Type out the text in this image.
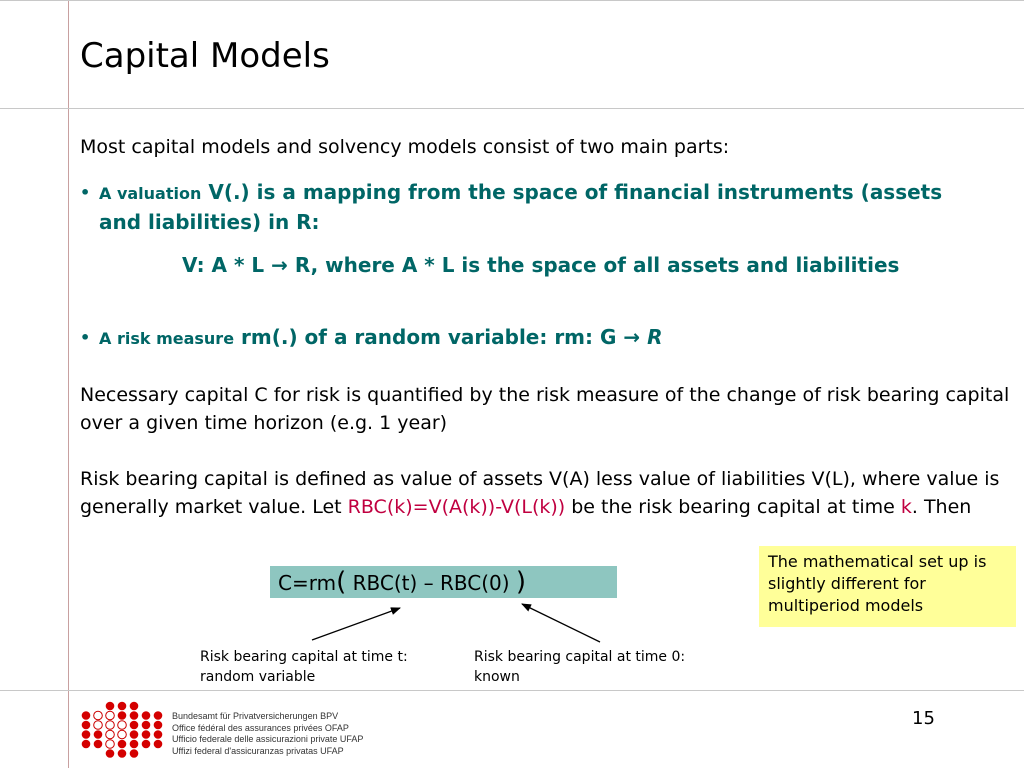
Capital Models
Most capital models and solvency models consist of two main parts:
• A valuation V(.) is a mapping from the space of financial instruments (assets and liabilities) in R:
V: A * L → R, where A * L is the space of all assets and liabilities
• A risk measure rm(.) of a random variable: rm: G → R
Necessary capital C for risk is quantified by the risk measure of the change of risk bearing capital over a given time horizon (e.g. 1 year)
Risk bearing capital is defined as value of assets V(A) less value of liabilities V(L), where value is generally market value. Let RBC(k)=V(A(k))-V(L(k)) be the risk bearing capital at time k. Then
C=rm( RBC(t) – RBC(0) )
The mathematical set up is slightly different for multiperiod models
Risk bearing capital at time t: random variable
Risk bearing capital at time 0: known
Bundesamt für Privatversicherungen BPV
Office fédéral des assurances privées OFAP
Ufficio federale delle assicurazioni private UFAP
Uffizi federal d'assicuranzas privatas UFAP
15
